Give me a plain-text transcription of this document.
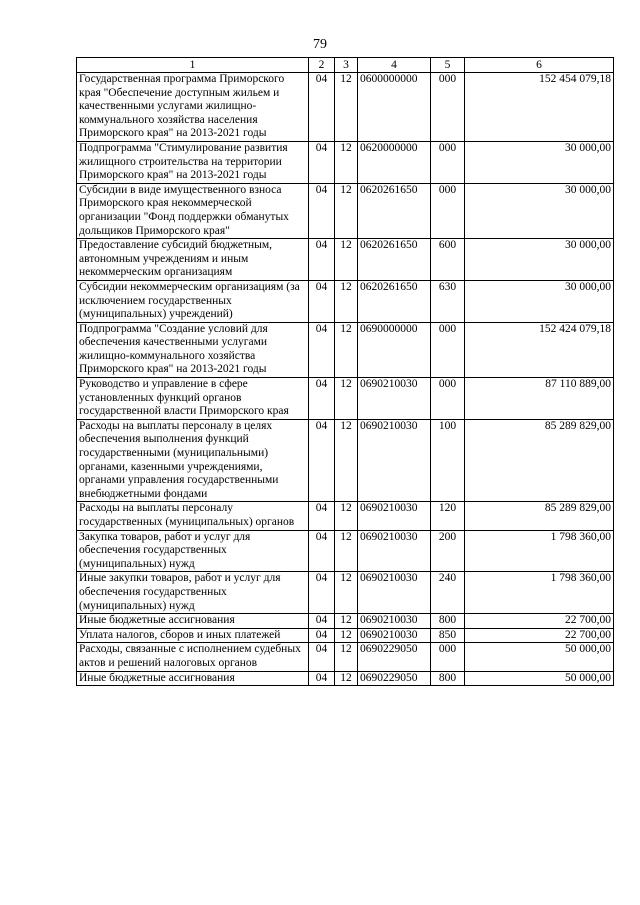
79
1	2	3	4	5	6
Государственная программа Приморского края "Обеспечение доступным жильем и качественными услугами жилищно-коммунального хозяйства населения Приморского края" на 2013-2021 годы	04	12	0600000000	000	152 454 079,18
Подпрограмма "Стимулирование развития жилищного строительства на территории Приморского края" на 2013-2021 годы	04	12	0620000000	000	30 000,00
Субсидии в виде имущественного взноса Приморского края некоммерческой организации "Фонд поддержки обманутых дольщиков Приморского края"	04	12	0620261650	000	30 000,00
Предоставление субсидий бюджетным, автономным учреждениям и иным некоммерческим организациям	04	12	0620261650	600	30 000,00
Субсидии некоммерческим организациям (за исключением государственных (муниципальных) учреждений)	04	12	0620261650	630	30 000,00
Подпрограмма "Создание условий для обеспечения качественными услугами жилищно-коммунального хозяйства Приморского края" на 2013-2021 годы	04	12	0690000000	000	152 424 079,18
Руководство и управление в сфере установленных функций органов государственной власти Приморского края	04	12	0690210030	000	87 110 889,00
Расходы на выплаты персоналу в целях обеспечения выполнения функций государственными (муниципальными) органами, казенными учреждениями, органами управления государственными внебюджетными фондами	04	12	0690210030	100	85 289 829,00
Расходы на выплаты персоналу государственных (муниципальных) органов	04	12	0690210030	120	85 289 829,00
Закупка товаров, работ и услуг для обеспечения государственных (муниципальных) нужд	04	12	0690210030	200	1 798 360,00
Иные закупки товаров, работ и услуг для обеспечения государственных (муниципальных) нужд	04	12	0690210030	240	1 798 360,00
Иные бюджетные ассигнования	04	12	0690210030	800	22 700,00
Уплата налогов, сборов и иных платежей	04	12	0690210030	850	22 700,00
Расходы, связанные с исполнением судебных актов и решений налоговых органов	04	12	0690229050	000	50 000,00
Иные бюджетные ассигнования	04	12	0690229050	800	50 000,00
